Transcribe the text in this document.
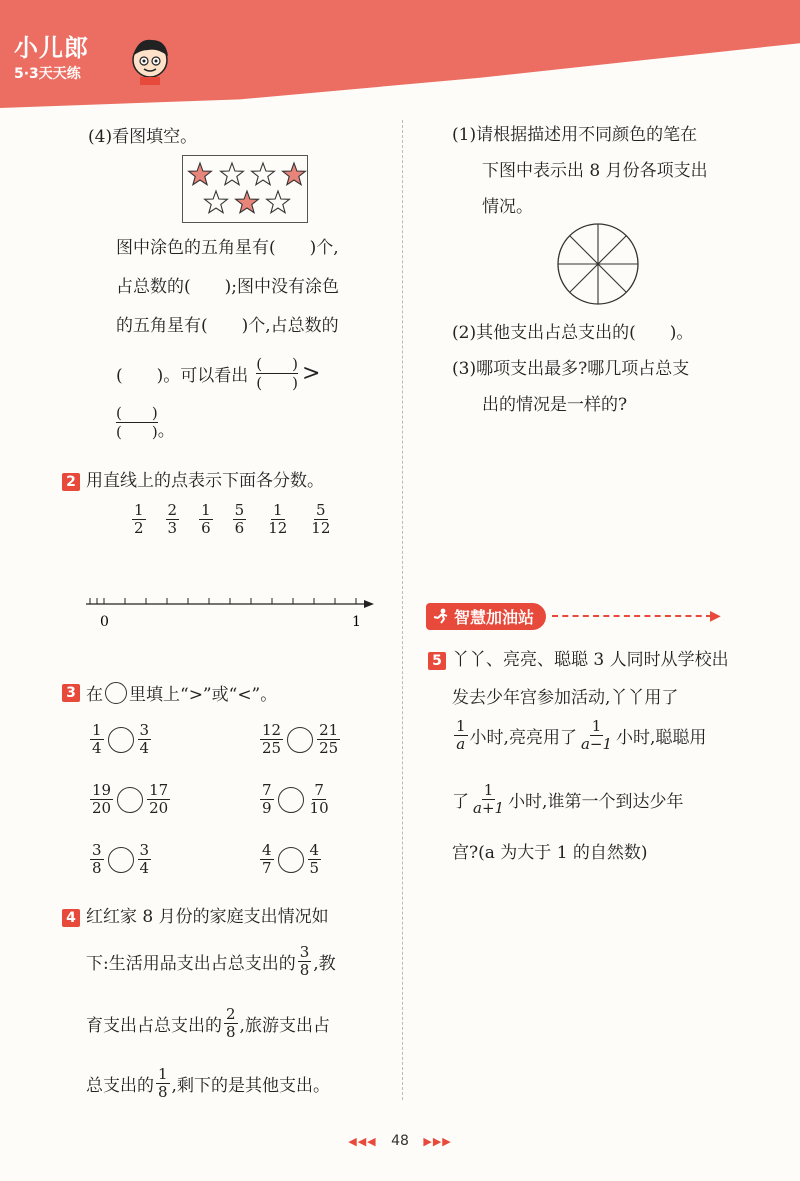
小儿郎
5·3天天练
(4)看图填空。
图中涂色的五角星有(　　)个,
占总数的(　　);图中没有涂色
的五角星有(　　)个,占总数的
(　　)。可以看出 $\frac{( )}{( )}$ >
$\frac{( )}{( )}$ 。
2 用直线上的点表示下面各分数。
$\frac{1}{2} \frac{2}{3} \frac{1}{6} \frac{5}{6} \frac{1}{12} \frac{5}{12}$
0	1
3 在 里填上“>”或“<”。
$\frac{1}{4} \frac{3}{4}$	$\frac{12}{25} \frac{21}{25}$
$\frac{19}{20} \frac{17}{20}$	$\frac{7}{9} \frac{7}{10}$
$\frac{3}{8} \frac{3}{4}$	$\frac{4}{7} \frac{4}{5}$
4 红红家 8 月份的家庭支出情况如
下:生活用品支出占总支出的 $\frac{3}{8}$ ,教
育支出占总支出的 $\frac{2}{8}$ ,旅游支出占
总支出的 $\frac{1}{8}$ ,剩下的是其他支出。
(1)请根据描述用不同颜色的笔在
下图中表示出 8 月份各项支出
情况。
(2)其他支出占总支出的(　　)。
(3)哪项支出最多?哪几项占总支
出的情况是一样的?
智慧加油站	▶
5 丫丫、亮亮、聪聪 3 人同时从学校出
发去少年宫参加活动,丫丫用了
$\frac{1}{a}$ 小时,亮亮用了 $\frac{1}{a-1}$ 小时,聪聪用
了 $\frac{1}{a+1}$ 小时,谁第一个到达少年
宫?(a 为大于 1 的自然数)
◀◀◀ 48 ▶▶▶
